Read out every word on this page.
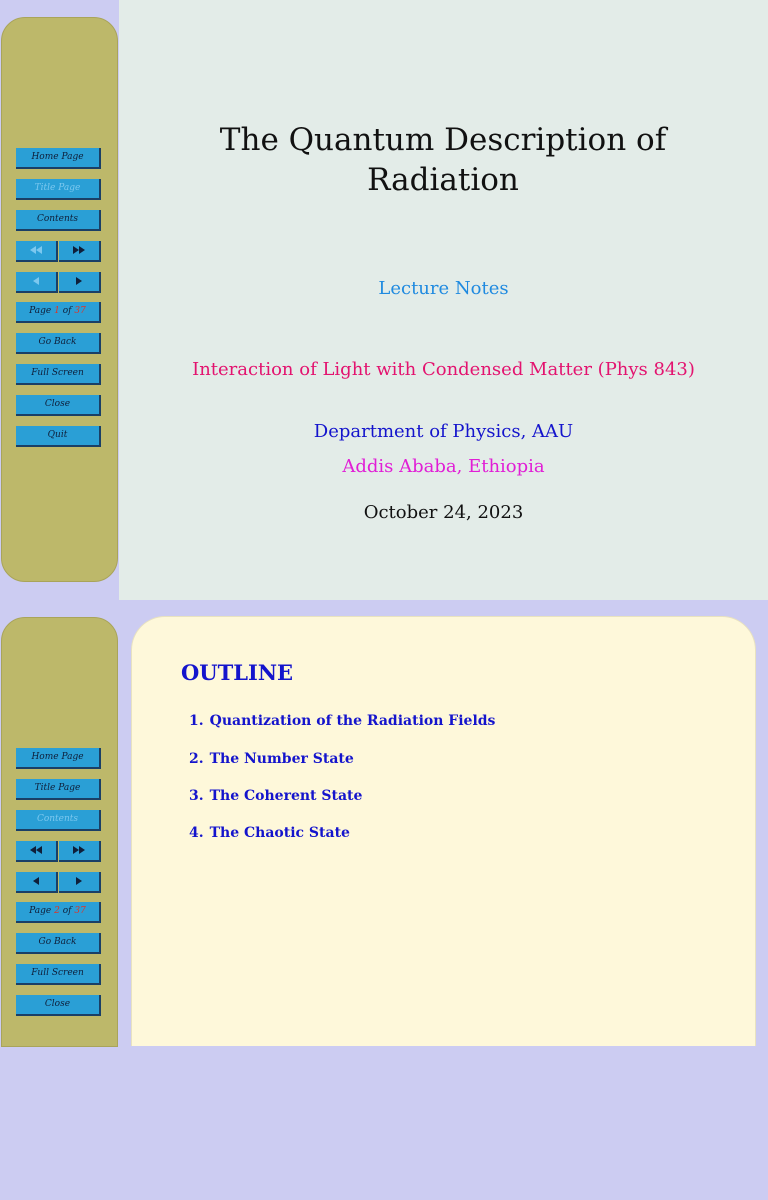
Home Page
Title Page
Contents
Page 1 of 37
Go Back
Full Screen
Close
Quit
The Quantum Description of Radiation
Lecture Notes
Interaction of Light with Condensed Matter (Phys 843)
Department of Physics, AAU
Addis Ababa, Ethiopia
October 24, 2023
Home Page
Title Page
Contents
Page 2 of 37
Go Back
Full Screen
Close
OUTLINE
1. Quantization of the Radiation Fields
2. The Number State
3. The Coherent State
4. The Chaotic State
